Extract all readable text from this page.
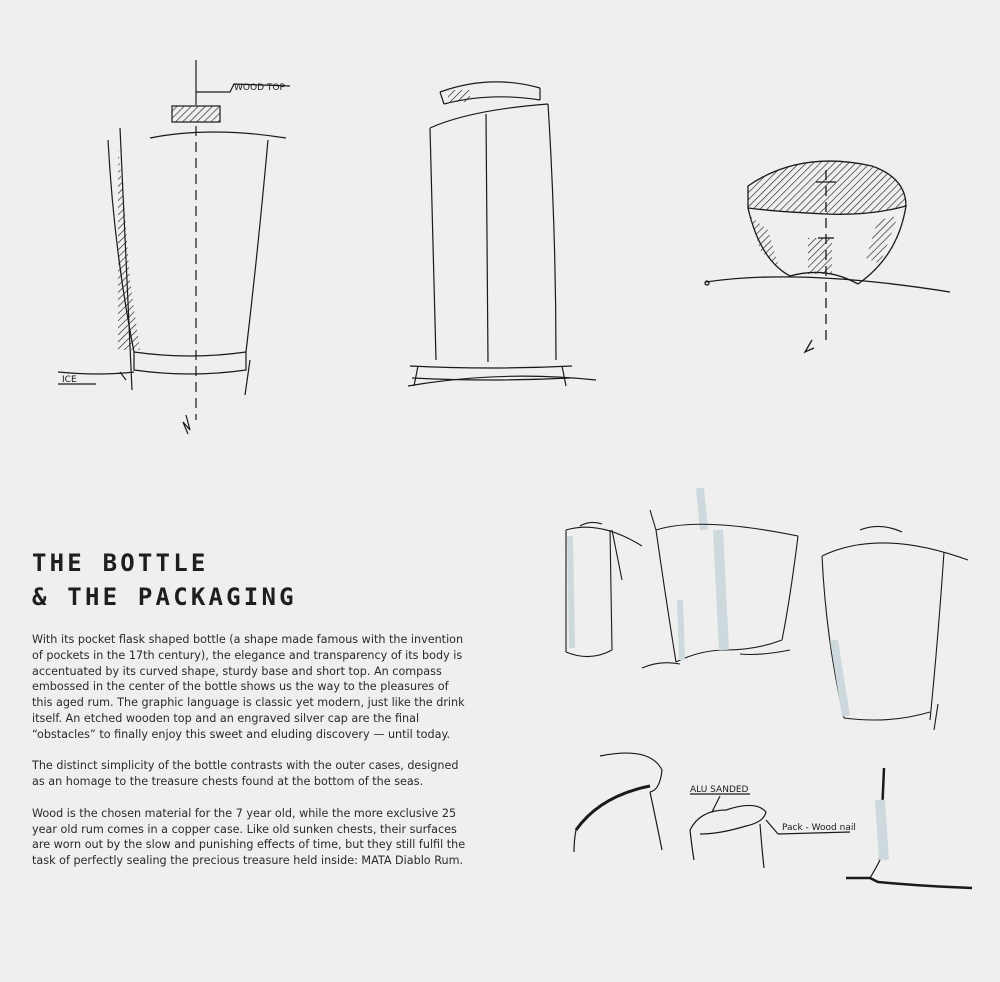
WOOD TOP
ICE
ALU SANDED
Pack - Wood nail
THE BOTTLE
& THE PACKAGING

With its pocket flask shaped bottle (a shape made famous with the invention of pockets in the 17th century), the elegance and transparency of its body is accentuated by its curved shape, sturdy base and short top. An compass embossed in the center of the bottle shows us the way to the pleasures of this aged rum. The graphic language is classic yet modern, just like the drink itself. An etched wooden top and an engraved silver cap are the final “obstacles” to finally enjoy this sweet and eluding discovery — until today.

The distinct simplicity of the bottle contrasts with the outer cases, designed as an homage to the treasure chests found at the bottom of the seas.

Wood is the chosen material for the 7 year old, while the more exclusive 25 year old rum comes in a copper case. Like old sunken chests, their surfaces are worn out by the slow and punishing effects of time, but they still fulfil the task of perfectly sealing the precious treasure held inside: MATA Diablo Rum.
